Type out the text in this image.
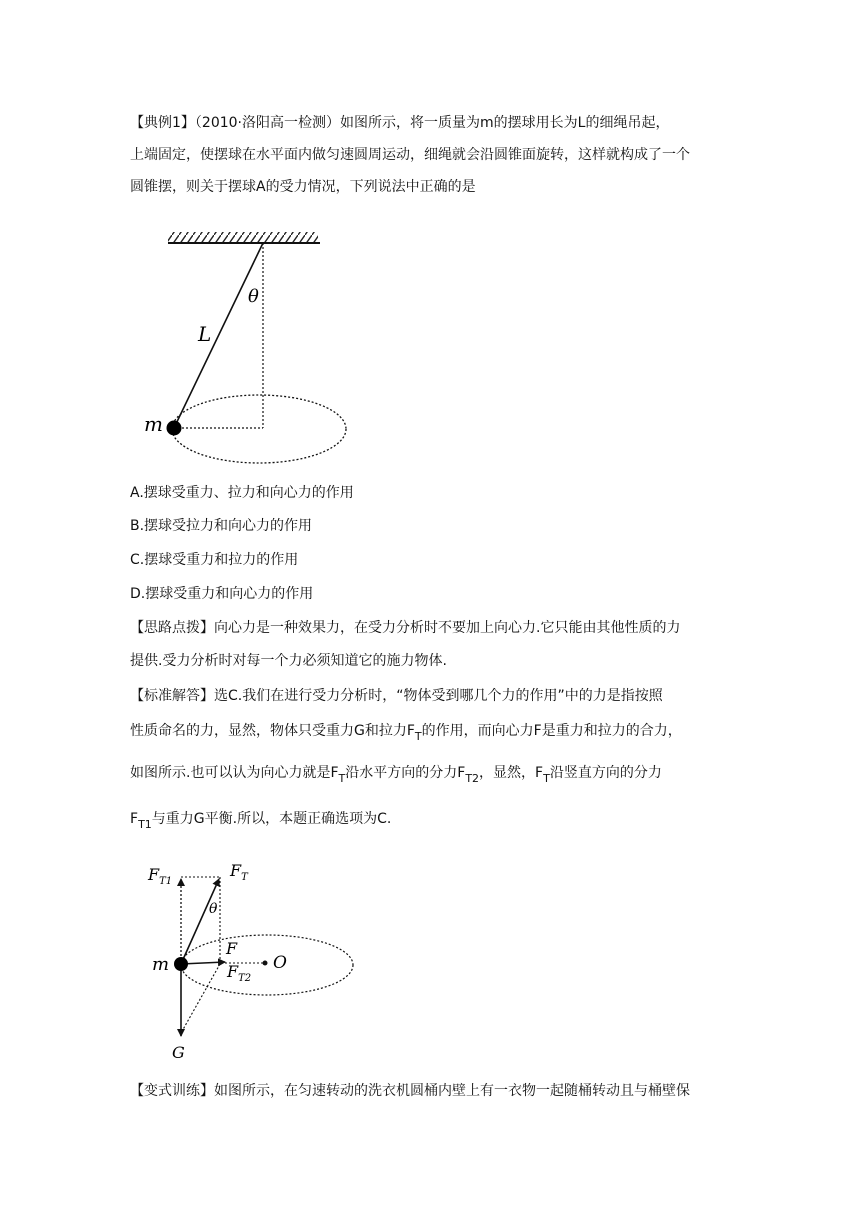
【典例1】（2010·洛阳高一检测）如图所示，将一质量为m的摆球用长为L的细绳吊起，

上端固定，使摆球在水平面内做匀速圆周运动，细绳就会沿圆锥面旋转，这样就构成了一个

圆锥摆，则关于摆球A的受力情况，下列说法中正确的是

θ
L
m

A.摆球受重力、拉力和向心力的作用

B.摆球受拉力和向心力的作用

C.摆球受重力和拉力的作用

D.摆球受重力和向心力的作用

【思路点拨】向心力是一种效果力，在受力分析时不要加上向心力.它只能由其他性质的力

提供.受力分析时对每一个力必须知道它的施力物体.

【标准解答】选C.我们在进行受力分析时，“物体受到哪几个力的作用”中的力是指按照

性质命名的力，显然，物体只受重力G和拉力$F_T$的作用，而向心力F是重力和拉力的合力，

如图所示.也可以认为向心力就是$F_T$沿水平方向的分力$F_{T2}$，显然，$F_T$沿竖直方向的分力

$F_{T1}$与重力G平衡.所以，本题正确选项为C.

$F_{T1}$
$F_T$
θ
F
m	$F_{T2}$
O
G

【变式训练】如图所示，在匀速转动的洗衣机圆桶内壁上有一衣物一起随桶转动且与桶壁保
